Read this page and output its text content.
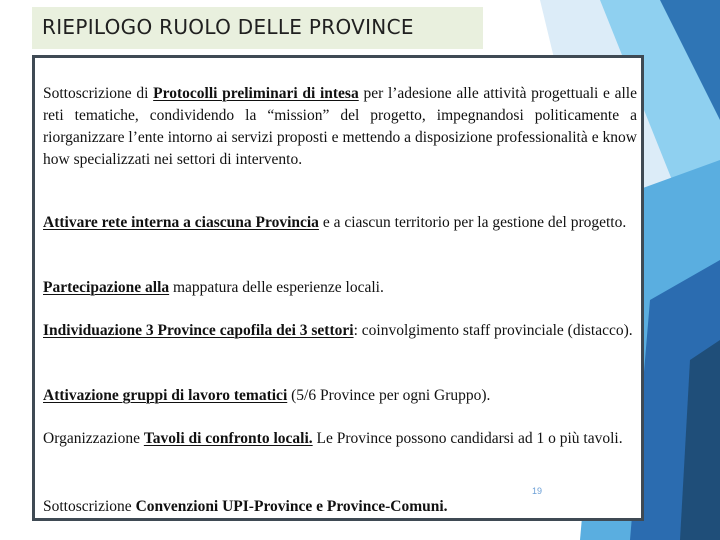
RIEPILOGO RUOLO DELLE PROVINCE
Sottoscrizione di Protocolli preliminari di intesa per l’adesione alle attività progettuali e alle reti tematiche, condividendo la “mission” del progetto, impegnandosi politicamente a riorganizzare l’ente intorno ai servizi proposti e mettendo a disposizione professionalità e know how specializzati nei settori di intervento.
Attivare rete interna a ciascuna Provincia e a ciascun territorio per la gestione del progetto.
Partecipazione alla mappatura delle esperienze locali.
Individuazione 3 Province capofila dei 3 settori: coinvolgimento staff provinciale (distacco).
Attivazione gruppi di lavoro tematici (5/6 Province per ogni Gruppo).
Organizzazione Tavoli di confronto locali. Le Province possono candidarsi ad 1 o più tavoli.
Sottoscrizione Convenzioni UPI-Province e Province-Comuni.
19
